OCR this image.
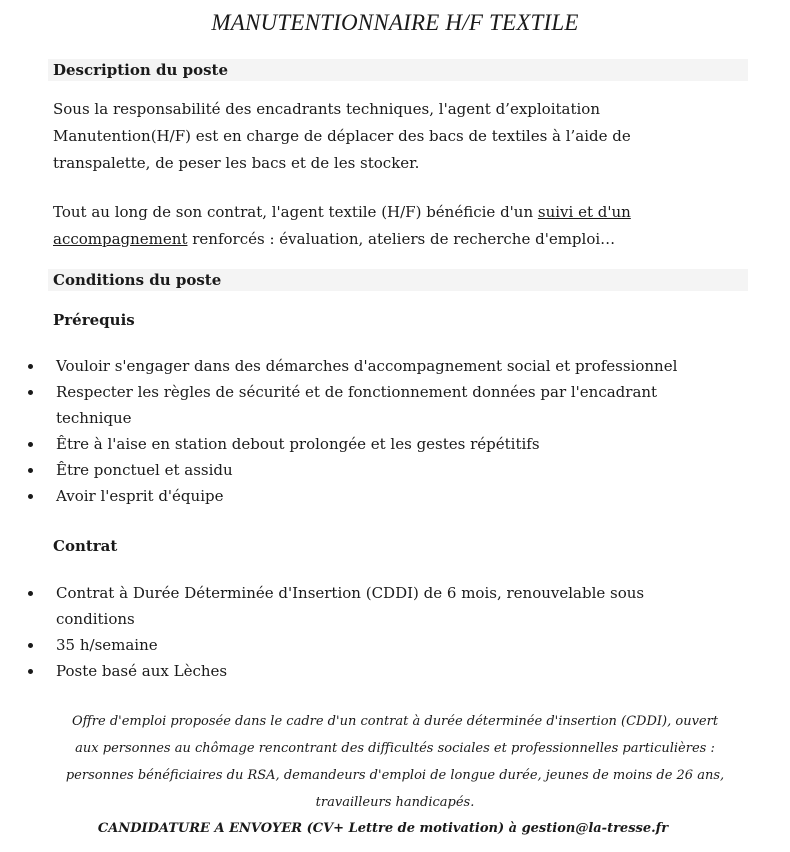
MANUTENTIONNAIRE H/F TEXTILE
Description du poste
Sous la responsabilité des encadrants techniques, l'agent d’exploitation
Manutention(H/F) est en charge de déplacer des bacs de textiles à l’aide de
transpalette, de peser les bacs et de les stocker.
Tout au long de son contrat, l'agent textile (H/F) bénéficie d'un suivi et d'un
accompagnement renforcés : évaluation, ateliers de recherche d'emploi…
Conditions du poste
Prérequis
Vouloir s'engager dans des démarches d'accompagnement social et professionnel
Respecter les règles de sécurité et de fonctionnement données par l'encadrant
technique
Être à l'aise en station debout prolongée et les gestes répétitifs
Être ponctuel et assidu
Avoir l'esprit d'équipe
Contrat
Contrat à Durée Déterminée d'Insertion (CDDI) de 6 mois, renouvelable sous
conditions
35 h/semaine
Poste basé aux Lèches
Offre d'emploi proposée dans le cadre d'un contrat à durée déterminée d'insertion (CDDI), ouvert
aux personnes au chômage rencontrant des difficultés sociales et professionnelles particulières :
personnes bénéficiaires du RSA, demandeurs d'emploi de longue durée, jeunes de moins de 26 ans,
travailleurs handicapés.
CANDIDATURE A ENVOYER (CV+ Lettre de motivation) à gestion@la-tresse.fr
